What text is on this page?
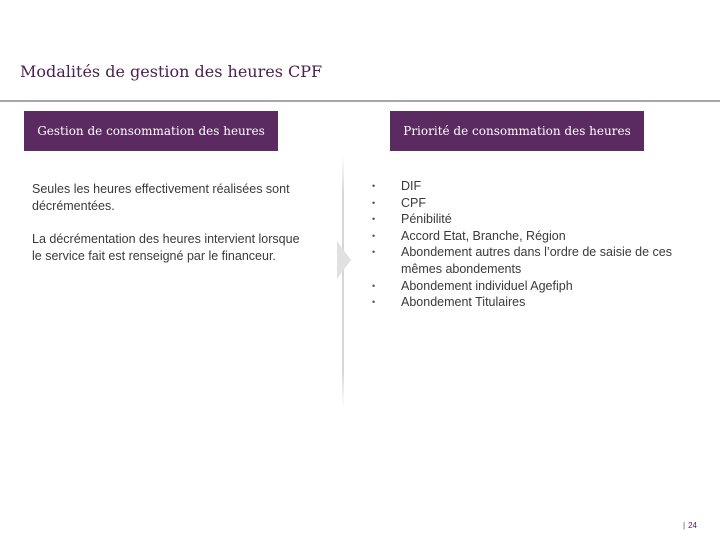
Modalités de gestion des heures CPF
Gestion de consommation des heures	Priorité de consommation des heures

Seules les heures effectivement réalisées sont décrémentées.

La décrémentation des heures intervient lorsque le service fait est renseigné par le financeur.

• DIF
• CPF
• Pénibilité
• Accord Etat, Branche, Région
• Abondement autres dans l’ordre de saisie de ces mêmes abondements
• Abondement individuel Agefiph
• Abondement Titulaires
| 24
